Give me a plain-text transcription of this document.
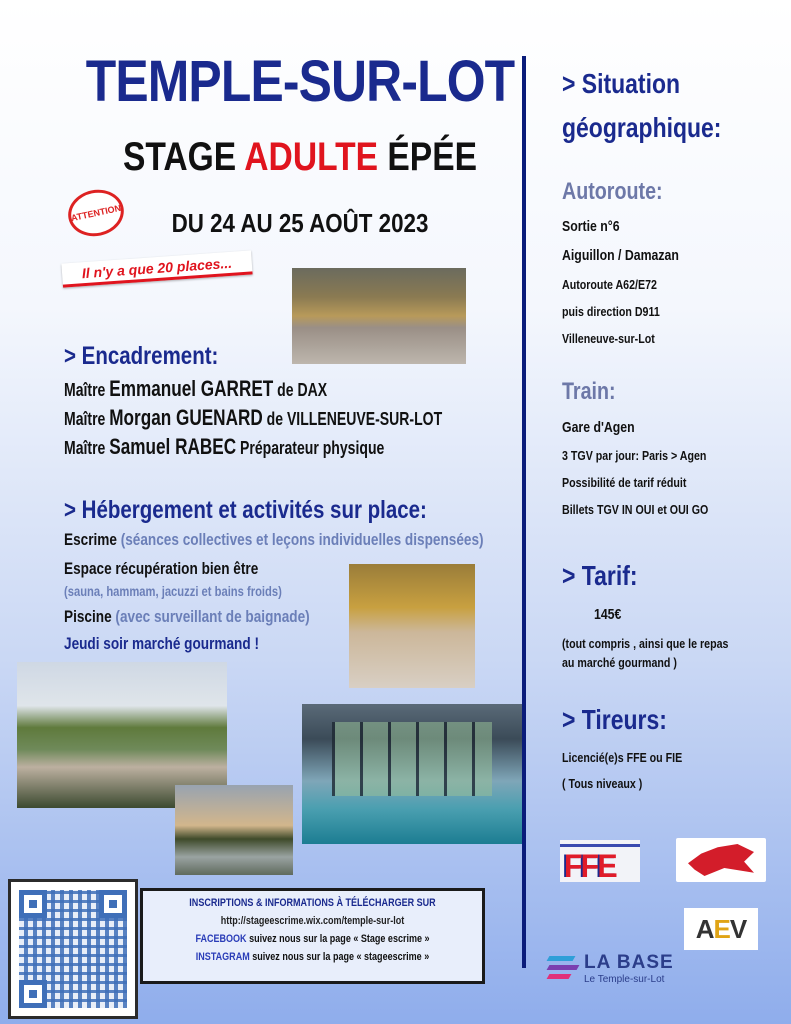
TEMPLE-SUR-LOT
STAGE ADULTE ÉPÉE
ATTENTION	DU 24 AU 25 AOÛT 2023
Il n'y a que 20 places...
> Encadrement:
Maître Emmanuel GARRET de DAX
Maître Morgan GUENARD de VILLENEUVE-SUR-LOT
Maître Samuel RABEC Préparateur physique
> Hébergement et activités sur place:
Escrime (séances collectives et leçons individuelles dispensées)
Espace récupération bien être
(sauna, hammam, jacuzzi et bains froids)
Piscine (avec surveillant de baignade)
Jeudi soir marché gourmand !
> Situation
géographique:
Autoroute:
Sortie n°6
Aiguillon / Damazan
Autoroute A62/E72
puis direction D911
Villeneuve-sur-Lot
Train:
Gare d'Agen
3 TGV par jour: Paris > Agen
Possibilité de tarif réduit
Billets TGV IN OUI et OUI GO
> Tarif:
145€
(tout compris , ainsi que le repas
au marché gourmand )
> Tireurs:
Licencié(e)s FFE ou FIE
( Tous niveaux )
INSCRIPTIONS & INFORMATIONS À TÉLÉCHARGER SUR
http://stageescrime.wix.com/temple-sur-lot
FACEBOOK suivez nous sur la page « Stage escrime »
INSTAGRAM suivez nous sur la page « stageescrime »
FFE
A E V
LA BASE
Le Temple-sur-Lot
